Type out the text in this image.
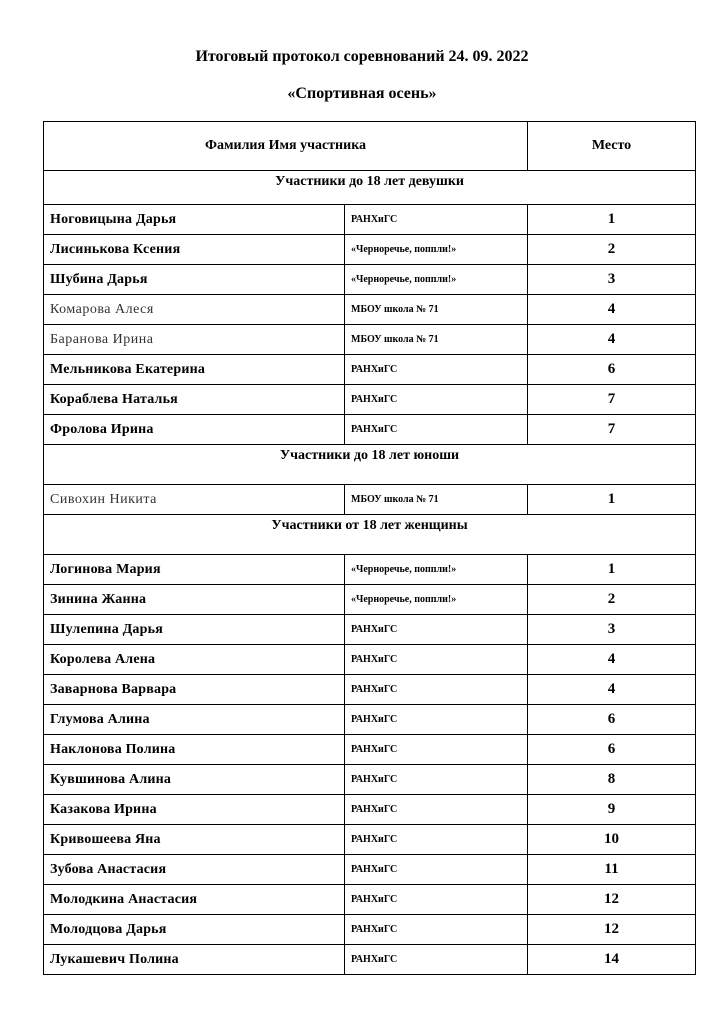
Итоговый протокол соревнований 24. 09. 2022
«Спортивная осень»
Фамилия Имя участника		Место
Участники до 18 лет девушки		
Ноговицына Дарья	РАНХиГС	1
Лисинькова Ксения	«Черноречье, поппли!»	2
Шубина Дарья	«Черноречье, поппли!»	3
Комарова Алеся	МБОУ школа № 71	4
Баранова Ирина	МБОУ школа № 71	4
Мельникова Екатерина	РАНХиГС	6
Кораблева Наталья	РАНХиГС	7
Фролова Ирина	РАНХиГС	7
Участники до 18 лет юноши		
Сивохин Никита	МБОУ школа № 71	1
Участники от 18 лет женщины		
Логинова Мария	«Черноречье, поппли!»	1
Зинина Жанна	«Черноречье, поппли!»	2
Шулепина Дарья	РАНХиГС	3
Королева Алена	РАНХиГС	4
Заварнова Варвара	РАНХиГС	4
Глумова Алина	РАНХиГС	6
Наклонова Полина	РАНХиГС	6
Кувшинова Алина	РАНХиГС	8
Казакова Ирина	РАНХиГС	9
Кривошеева Яна	РАНХиГС	10
Зубова Анастасия	РАНХиГС	11
Молодкина Анастасия	РАНХиГС	12
Молодцова Дарья	РАНХиГС	12
Лукашевич Полина	РАНХиГС	14
